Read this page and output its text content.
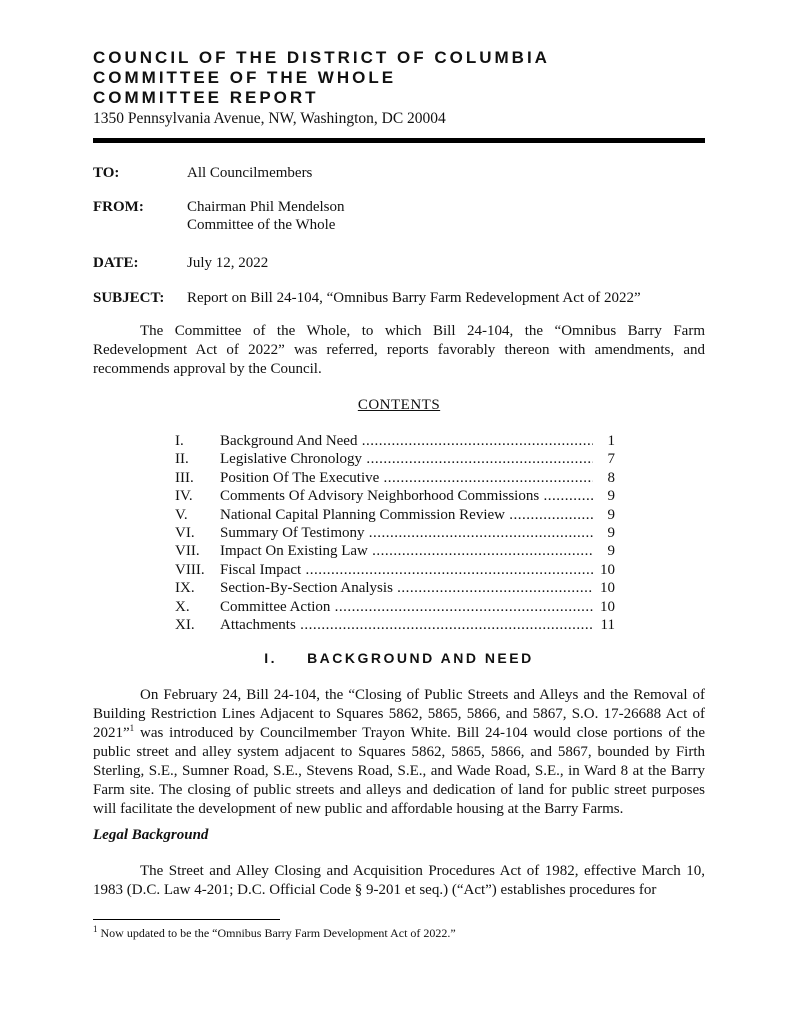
COUNCIL OF THE DISTRICT OF COLUMBIA
COMMITTEE OF THE WHOLE
COMMITTEE REPORT
1350 Pennsylvania Avenue, NW, Washington, DC 20004
TO:	All Councilmembers
FROM:	Chairman Phil Mendelson
Committee of the Whole
DATE:	July 12, 2022
SUBJECT: Report on Bill 24-104, “Omnibus Barry Farm Redevelopment Act of 2022”
The Committee of the Whole, to which Bill 24-104, the “Omnibus Barry Farm Redevelopment Act of 2022” was referred, reports favorably thereon with amendments, and recommends approval by the Council.
CONTENTS
I. Background And Need .....	1
II. Legislative Chronology .....	7
III. Position Of The Executive .....	8
IV. Comments Of Advisory Neighborhood Commissions .....	9
V. National Capital Planning Commission Review .....	9
VI. Summary Of Testimony .....	9
VII. Impact On Existing Law .....	9
VIII. Fiscal Impact .....	10
IX. Section-By-Section Analysis .....	10
X. Committee Action .....	10
XI. Attachments .....	11
I. BACKGROUND AND NEED
On February 24, Bill 24-104, the “Closing of Public Streets and Alleys and the Removal of Building Restriction Lines Adjacent to Squares 5862, 5865, 5866, and 5867, S.O. 17-26688 Act of 2021”$^1$ was introduced by Councilmember Trayon White. Bill 24-104 would close portions of the public street and alley system adjacent to Squares 5862, 5865, 5866, and 5867, bounded by Firth Sterling, S.E., Sumner Road, S.E., Stevens Road, S.E., and Wade Road, S.E., in Ward 8 at the Barry Farm site. The closing of public streets and alleys and dedication of land for public street purposes will facilitate the development of new public and affordable housing at the Barry Farms.
Legal Background
The Street and Alley Closing and Acquisition Procedures Act of 1982, effective March 10, 1983 (D.C. Law 4-201; D.C. Official Code § 9-201 et seq.) (“Act”) establishes procedures for
$^1$ Now updated to be the “Omnibus Barry Farm Development Act of 2022.”
